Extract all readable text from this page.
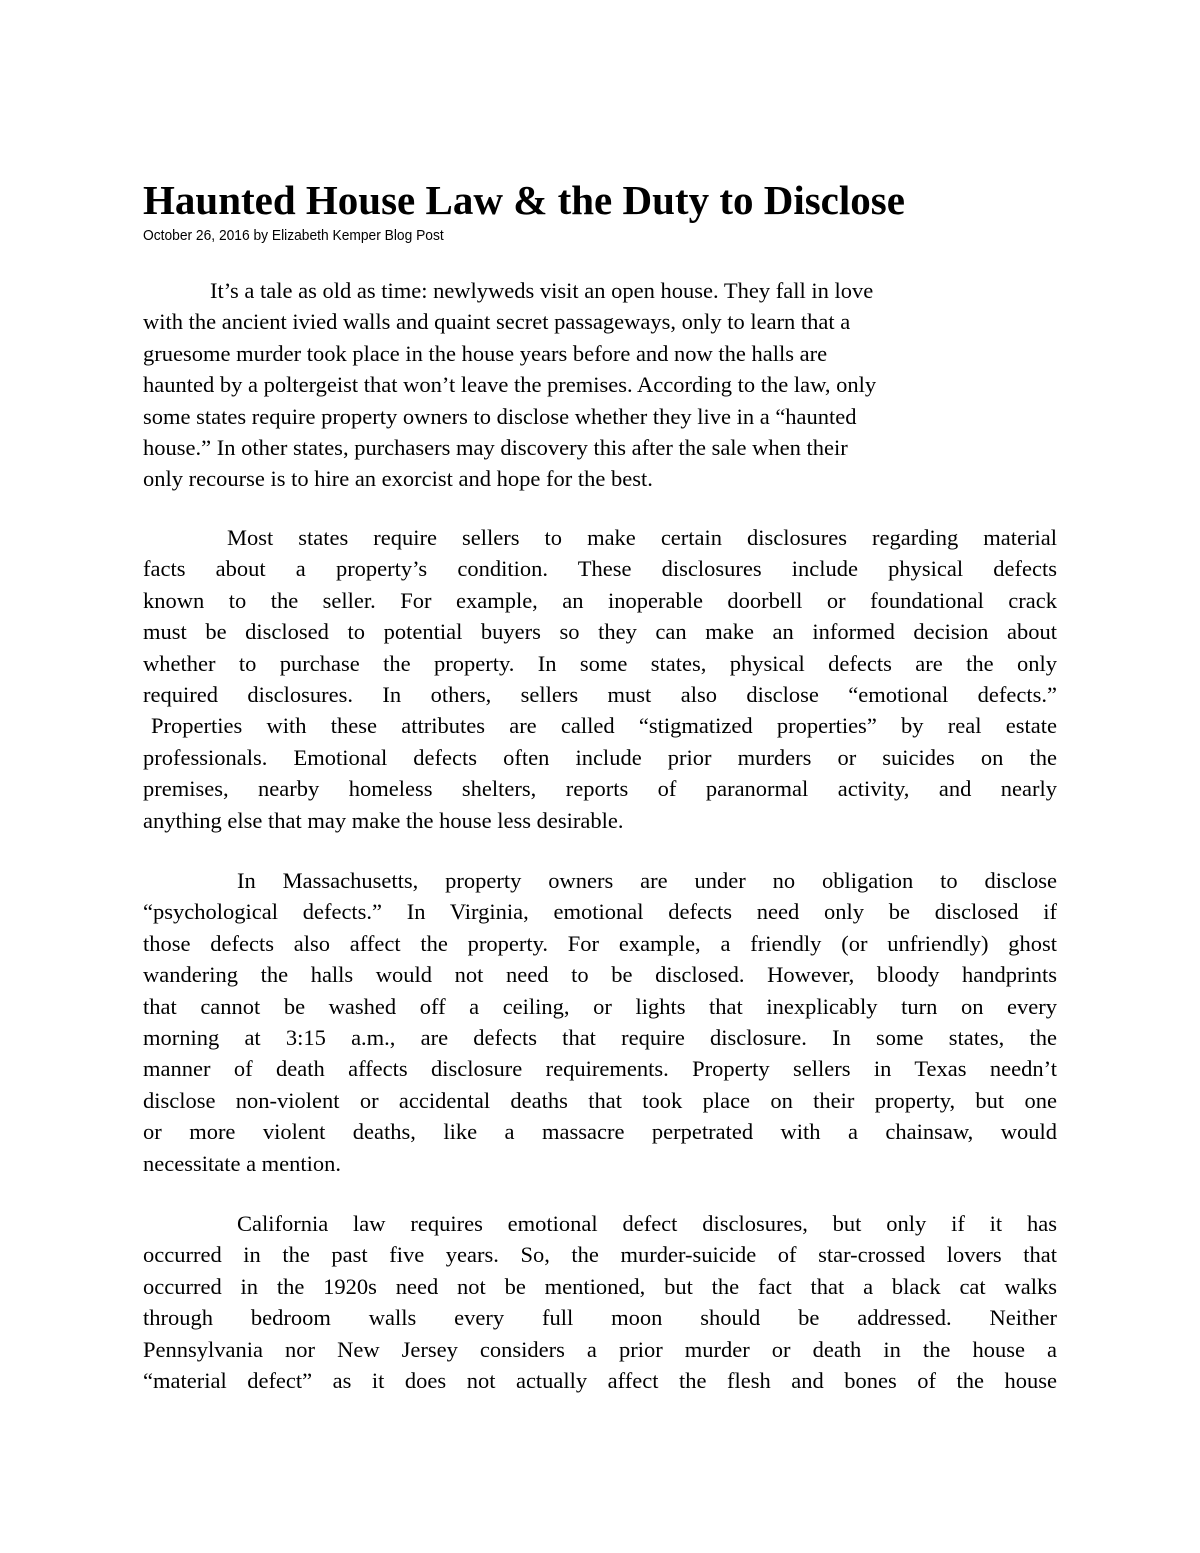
Haunted House Law & the Duty to Disclose
October 26, 2016 by Elizabeth Kemper Blog Post
It’s a tale as old as time: newlyweds visit an open house. They fall in love
with the ancient ivied walls and quaint secret passageways, only to learn that a
gruesome murder took place in the house years before and now the halls are
haunted by a poltergeist that won’t leave the premises. According to the law, only
some states require property owners to disclose whether they live in a “haunted
house.” In other states, purchasers may discovery this after the sale when their
only recourse is to hire an exorcist and hope for the best.
Most states require sellers to make certain disclosures regarding material
facts about a property’s condition. These disclosures include physical defects
known to the seller. For example, an inoperable doorbell or foundational crack
must be disclosed to potential buyers so they can make an informed decision about
whether to purchase the property. In some states, physical defects are the only
required disclosures. In others, sellers must also disclose “emotional defects.”
Properties with these attributes are called “stigmatized properties” by real estate
professionals. Emotional defects often include prior murders or suicides on the
premises, nearby homeless shelters, reports of paranormal activity, and nearly
anything else that may make the house less desirable.
In Massachusetts, property owners are under no obligation to disclose
“psychological defects.” In Virginia, emotional defects need only be disclosed if
those defects also affect the property. For example, a friendly (or unfriendly) ghost
wandering the halls would not need to be disclosed. However, bloody handprints
that cannot be washed off a ceiling, or lights that inexplicably turn on every
morning at 3:15 a.m., are defects that require disclosure. In some states, the
manner of death affects disclosure requirements. Property sellers in Texas needn’t
disclose non-violent or accidental deaths that took place on their property, but one
or more violent deaths, like a massacre perpetrated with a chainsaw, would
necessitate a mention.
California law requires emotional defect disclosures, but only if it has
occurred in the past five years. So, the murder-suicide of star-crossed lovers that
occurred in the 1920s need not be mentioned, but the fact that a black cat walks
through bedroom walls every full moon should be addressed. Neither
Pennsylvania nor New Jersey considers a prior murder or death in the house a
“material defect” as it does not actually affect the flesh and bones of the house
